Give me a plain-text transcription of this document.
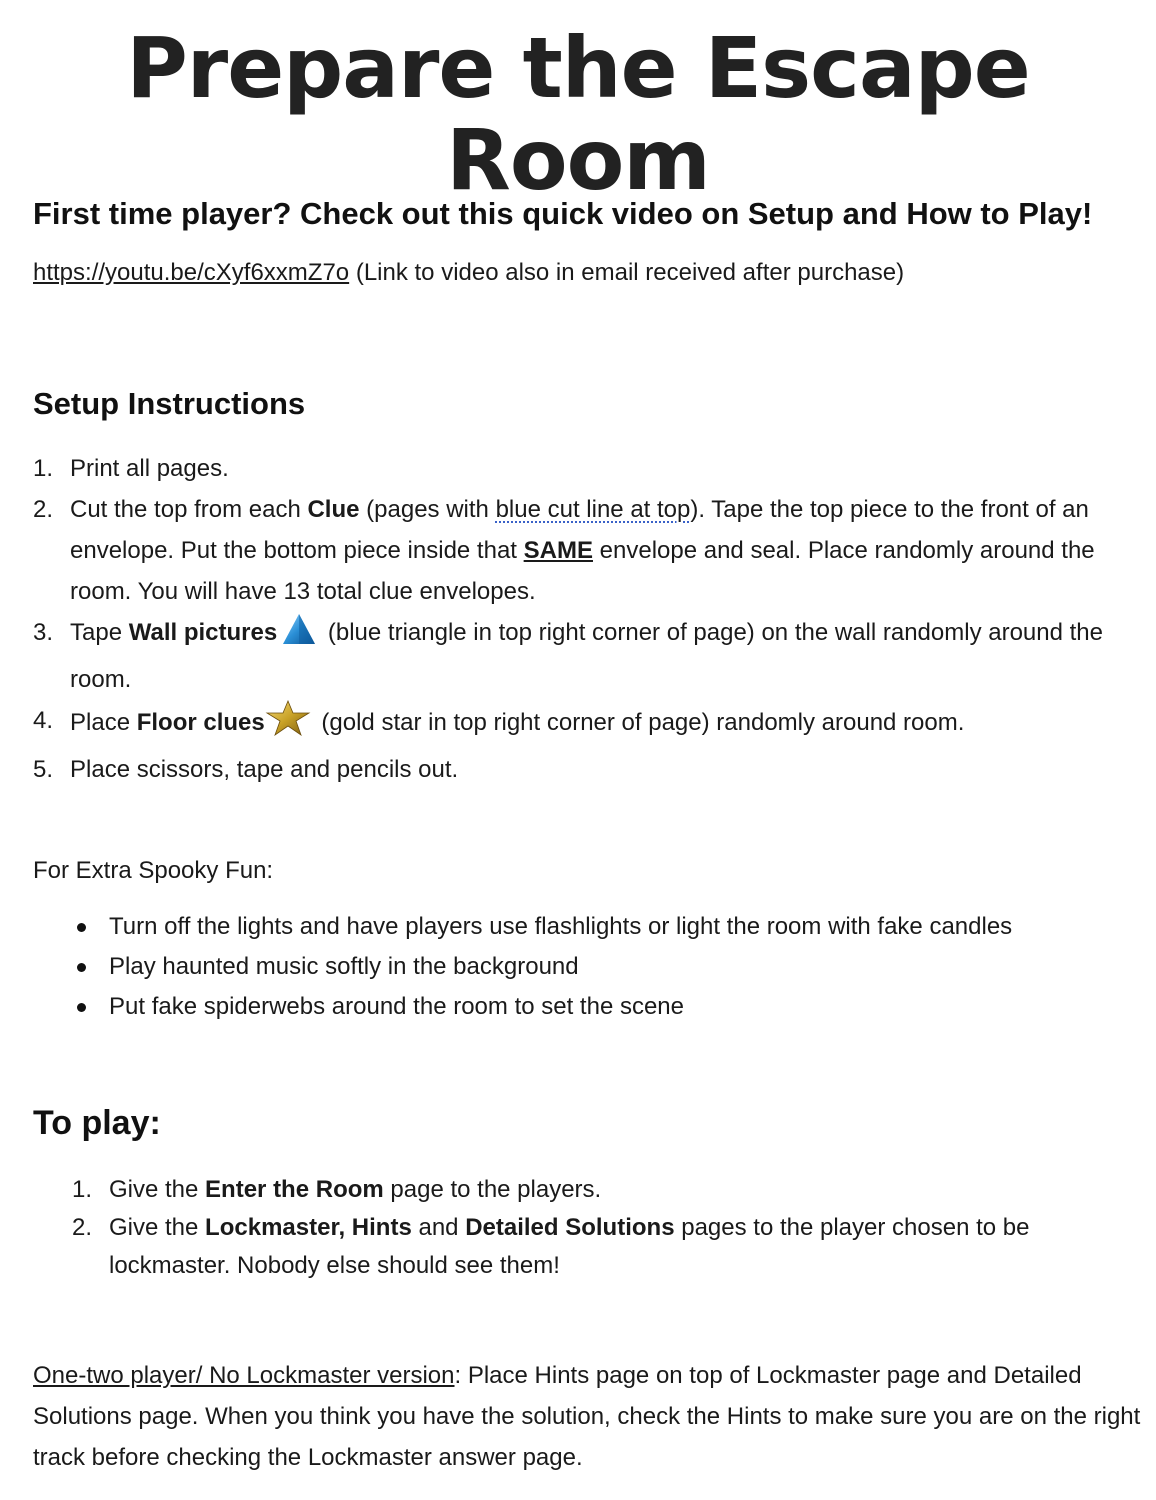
Prepare the Escape Room
First time player? Check out this quick video on Setup and How to Play!
https://youtu.be/cXyf6xxmZ7o (Link to video also in email received after purchase)
Setup Instructions
1. Print all pages.
2. Cut the top from each Clue (pages with blue cut line at top). Tape the top piece to the front of an envelope. Put the bottom piece inside that SAME envelope and seal. Place randomly around the room. You will have 13 total clue envelopes.
3. Tape Wall pictures (blue triangle in top right corner of page) on the wall randomly around the room.
4. Place Floor clues (gold star in top right corner of page) randomly around room.
5. Place scissors, tape and pencils out.
For Extra Spooky Fun:
Turn off the lights and have players use flashlights or light the room with fake candles
Play haunted music softly in the background
Put fake spiderwebs around the room to set the scene
To play:
1. Give the Enter the Room page to the players.
2. Give the Lockmaster, Hints and Detailed Solutions pages to the player chosen to be lockmaster. Nobody else should see them!
One-two player/ No Lockmaster version: Place Hints page on top of Lockmaster page and Detailed Solutions page. When you think you have the solution, check the Hints to make sure you are on the right track before checking the Lockmaster answer page.
